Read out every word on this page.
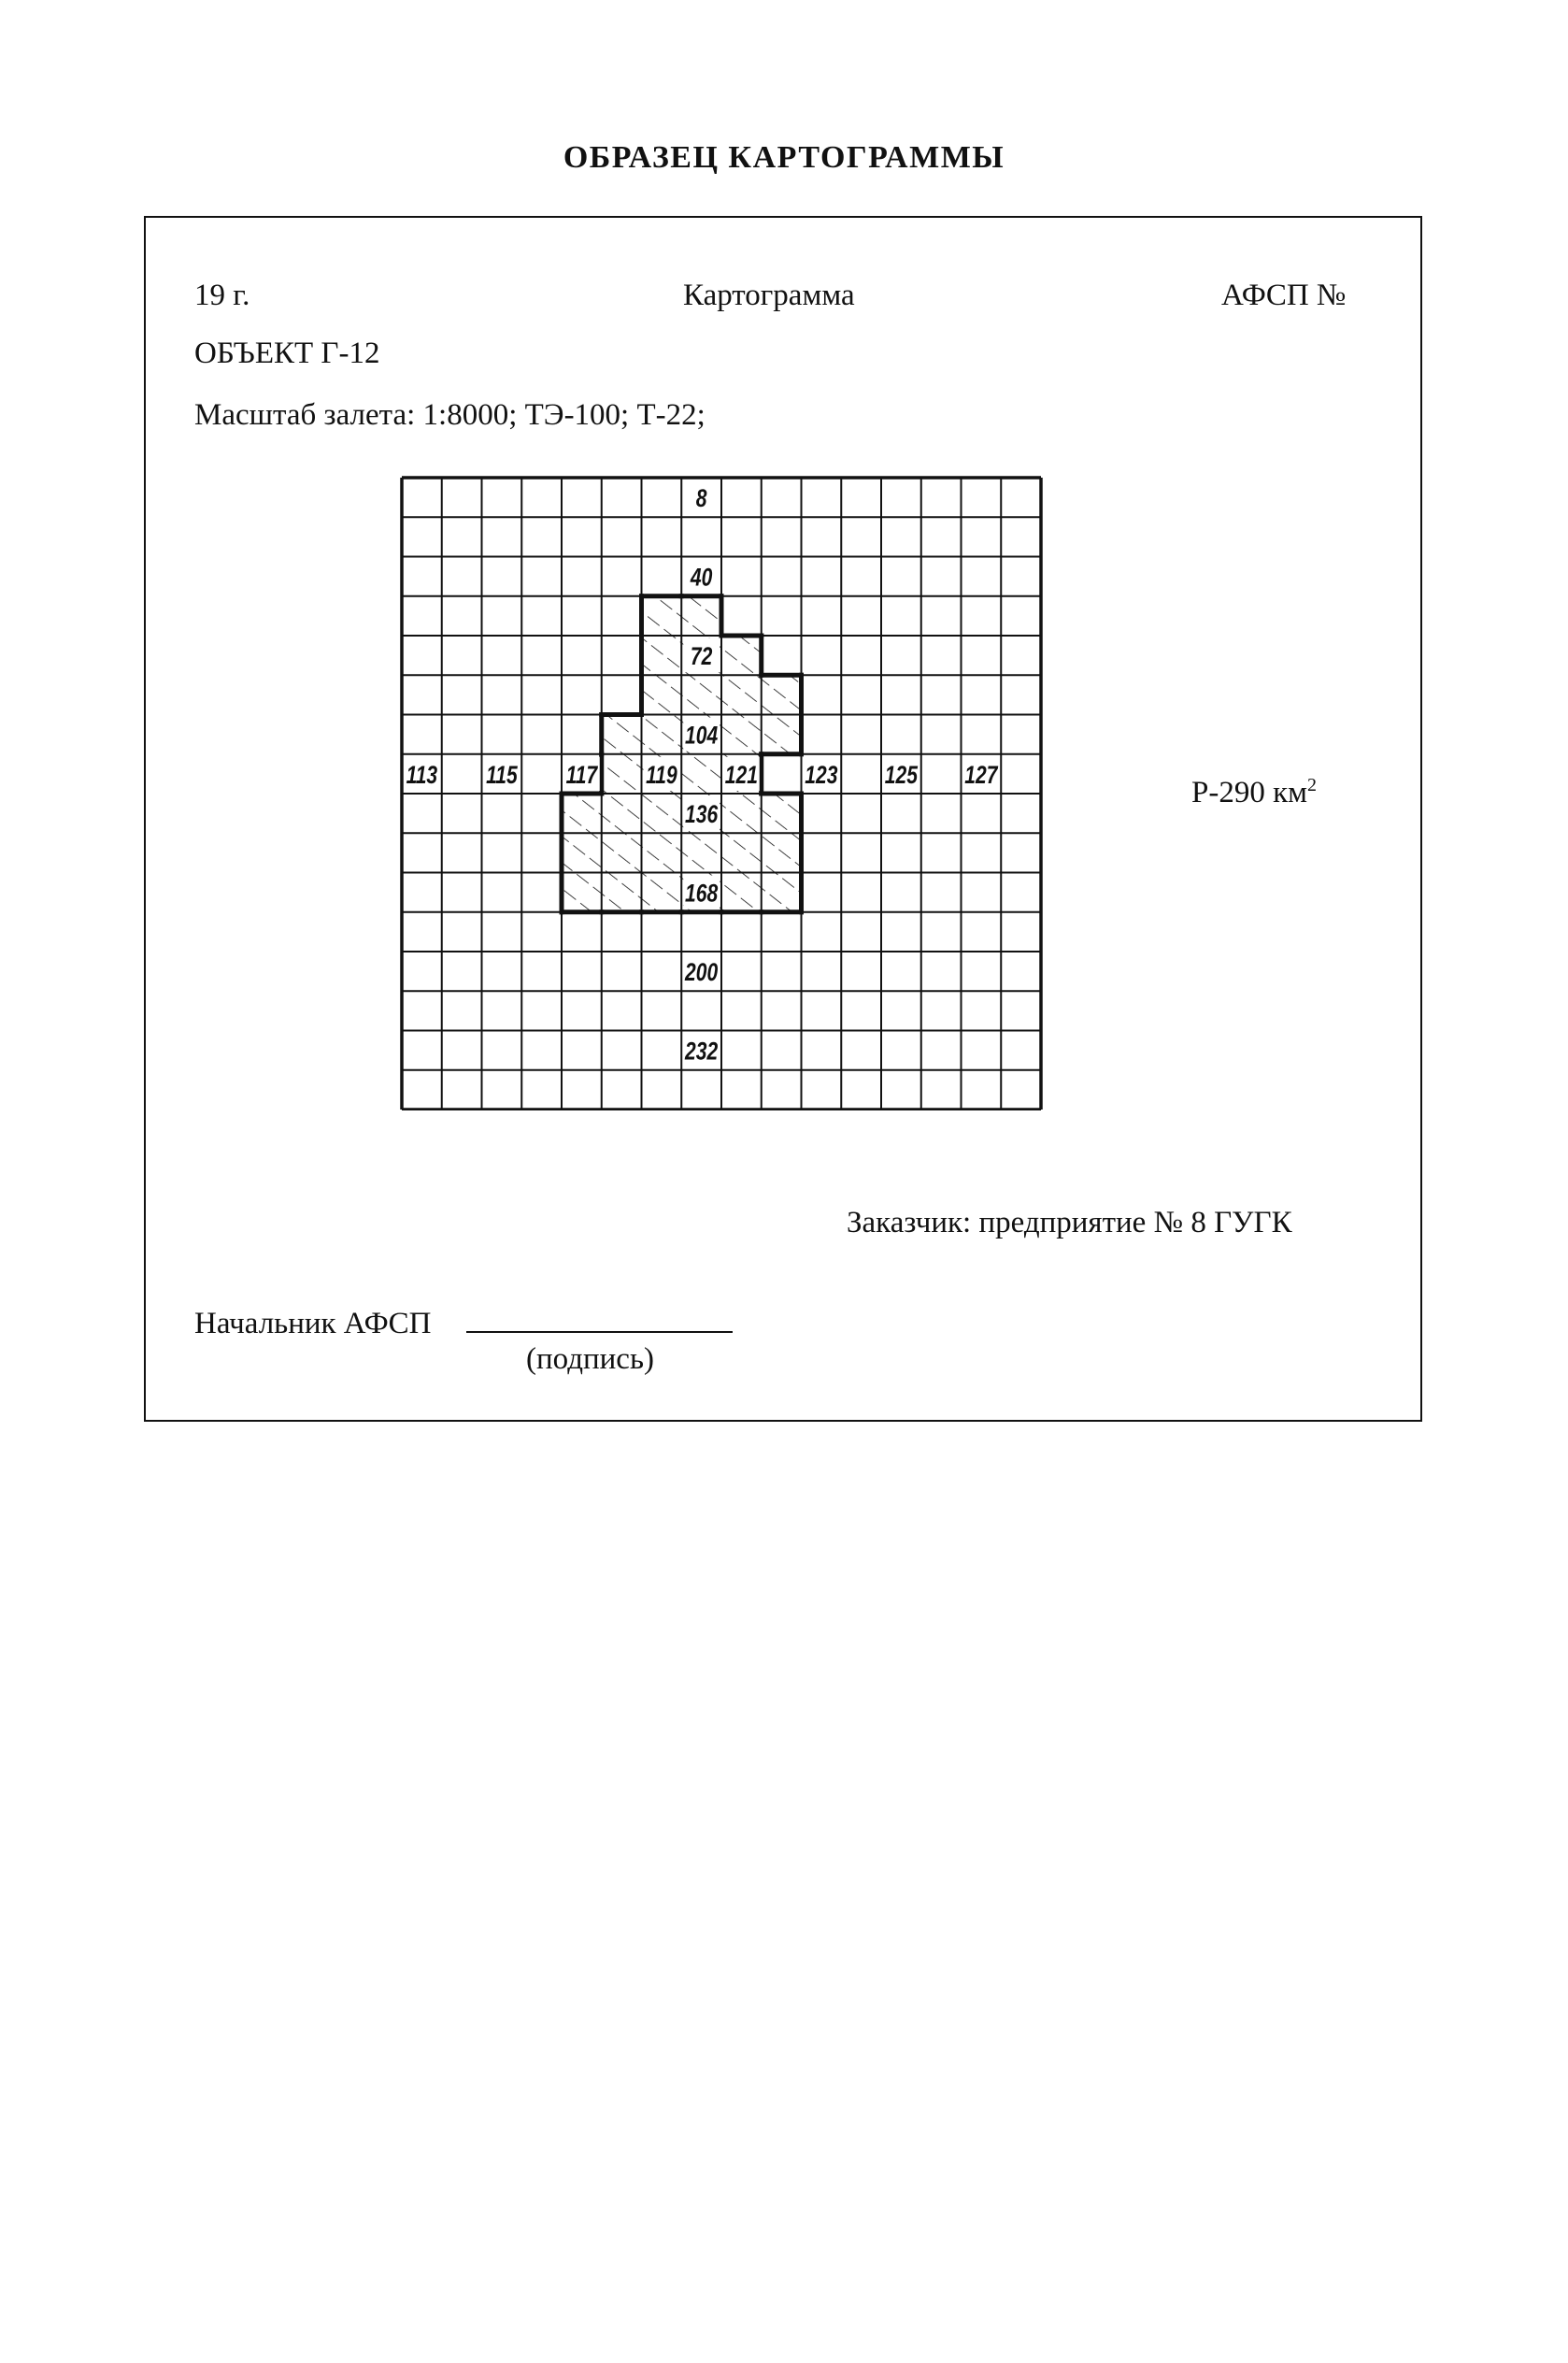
ОБРАЗЕЦ КАРТОГРАММЫ
19 г.	Картограмма	АФСП №
ОБЪЕКТ Г-12
Масштаб залета: 1:8000; ТЭ-100; Т-22;
8
40
72
104
113 115 117 119 121 123 125 127
136
168
200
232
Р-290 $км^2$
Заказчик: предприятие № 8 ГУГК
Начальник АФСП
(подпись)
